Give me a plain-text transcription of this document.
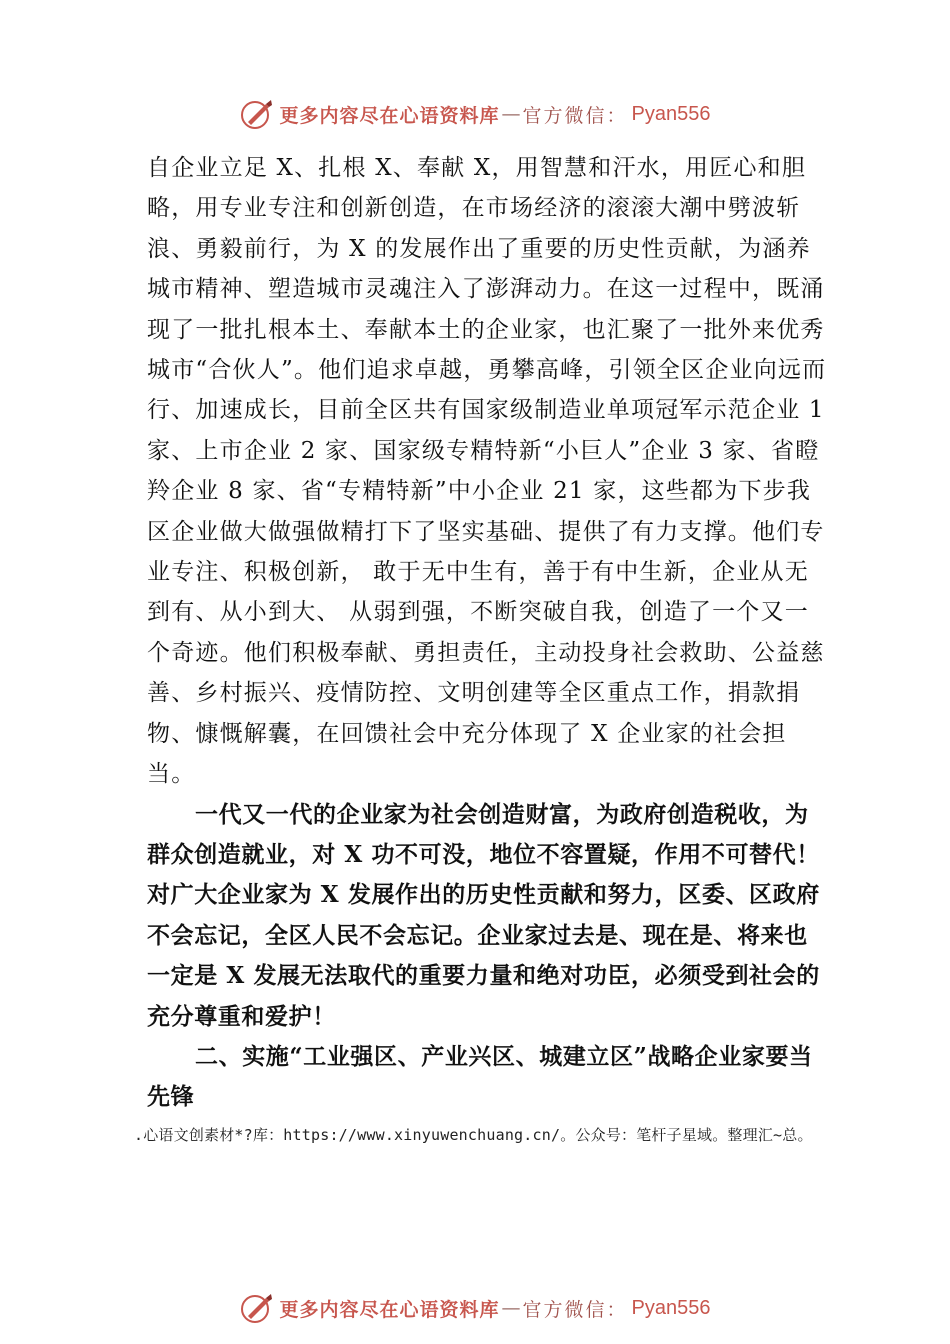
更多内容尽在心语资料库 — 官方微信： Pyan556

自企业立足 X、扎根 X、奉献 X，用智慧和汗水，用匠心和胆略，用专业专注和创新创造，在市场经济的滚滚大潮中劈波斩浪、勇毅前行，为 X 的发展作出了重要的历史性贡献，为涵养城市精神、塑造城市灵魂注入了澎湃动力。在这一过程中，既涌现了一批扎根本土、奉献本土的企业家，也汇聚了一批外来优秀城市“合伙人”。他们追求卓越，勇攀高峰，引领全区企业向远而行、加速成长，目前全区共有国家级制造业单项冠军示范企业 1 家、上市企业 2 家、国家级专精特新“小巨人”企业 3 家、省瞪羚企业 8 家、省“专精特新”中小企业 21 家，这些都为下步我区企业做大做强做精打下了坚实基础、提供了有力支撑。他们专业专注、积极创新， 敢于无中生有，善于有中生新，企业从无到有、从小到大、 从弱到强，不断突破自我，创造了一个又一个奇迹。他们积极奉献、勇担责任，主动投身社会救助、公益慈善、乡村振兴、疫情防控、文明创建等全区重点工作，捐款捐物、慷慨解囊，在回馈社会中充分体现了 X 企业家的社会担当。

一代又一代的企业家为社会创造财富，为政府创造税收，为群众创造就业，对 X 功不可没，地位不容置疑，作用不可替代！对广大企业家为 X 发展作出的历史性贡献和努力，区委、区政府不会忘记，全区人民不会忘记。企业家过去是、现在是、将来也一定是 X 发展无法取代的重要力量和绝对功臣，必须受到社会的充分尊重和爱护！

二、实施“工业强区、产业兴区、城建立区”战略企业家要当先锋

.心语文创素材*?库：https://www.xinyuwenchuang.cn/。公众号：笔杆子星域。整理汇~总。
更多内容尽在心语资料库 — 官方微信： Pyan556
